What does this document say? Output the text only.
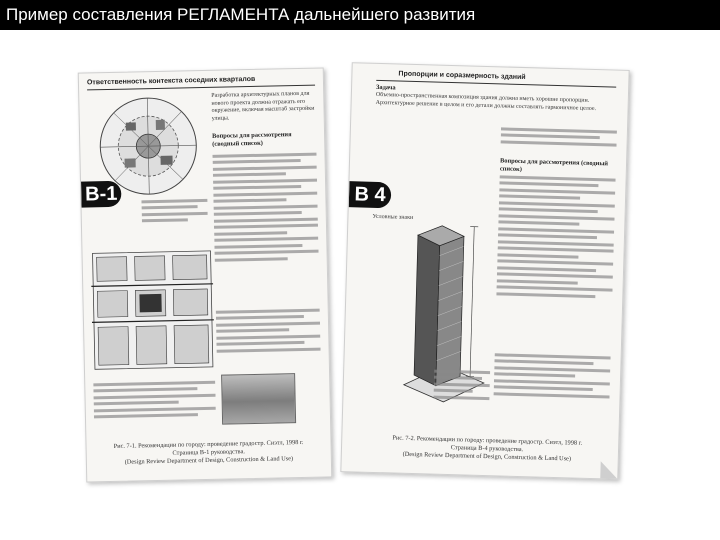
Пример составления РЕГЛАМЕНТА дальнейшего развития
Ответственность контекста соседних кварталов
B-1
Разработка архитектурных планов для нового проекта должна отражать его окружение, включая масштаб застройки улицы.
Вопросы для рассмотрения (сводный список)
Рис. 7-1. Рекомендации по городу: проведение градостр. Сиэтл, 1998 г.
Страница В-1 руководства.
(Design Review Department of Design, Construction & Land Use)
Пропорции и соразмерность зданий
Задача
Объемно-пространственная композиция здания должна иметь хорошие пропорции. Архитектурное решение в целом и его детали должны составлять гармоничное целое.
Вопросы для рассмотрения (сводный список)
B 4
Условные знаки
Рис. 7-2. Рекомендации по городу: проведение градостр. Сиэтл, 1998 г.
Страница В-4 руководства.
(Design Review Department of Design, Construction & Land Use)
